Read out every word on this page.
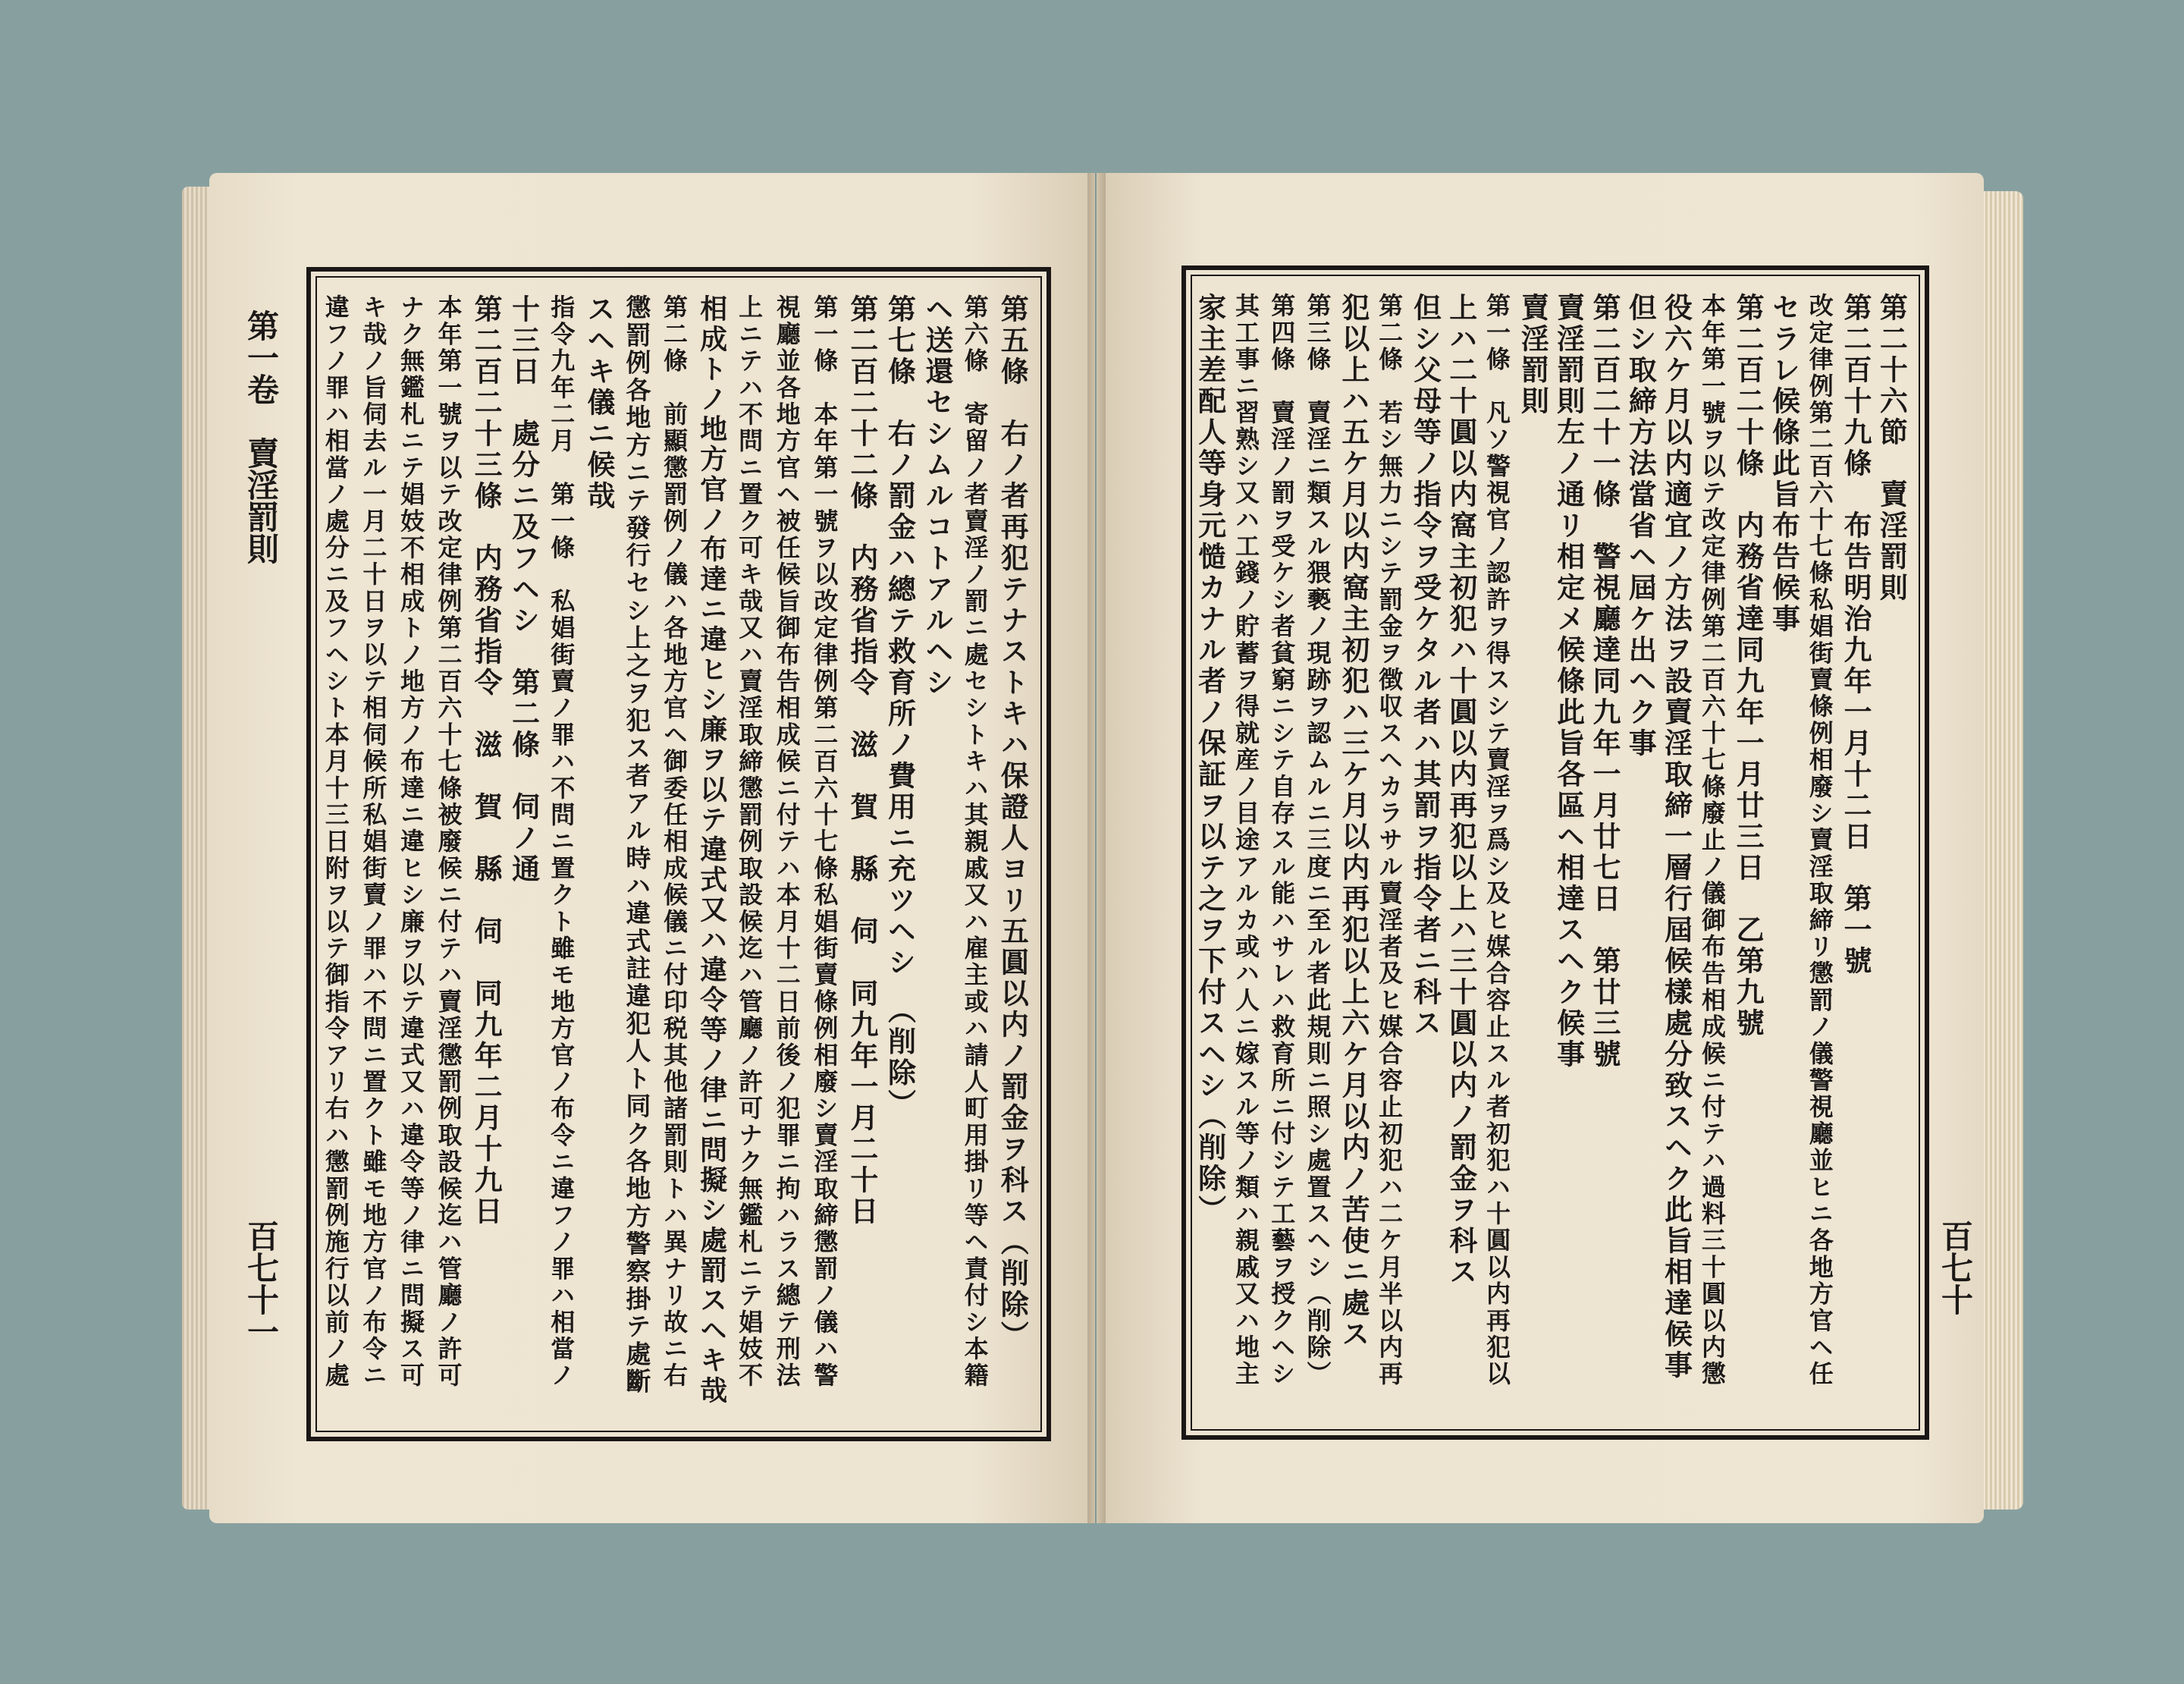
第一卷　賣淫罰則
百七十一	第五條　右ノ者再犯テナストキハ保證人ヨリ五圓以内ノ罰金ヲ科ス（削除）
第六條　寄留ノ者賣淫ノ罰ニ處セシトキハ其親戚又ハ雇主或ハ請人町用掛リ等ヘ責付シ本籍
ヘ送還セシムルコトアルヘシ
第七條　右ノ罰金ハ總テ救育所ノ費用ニ充ツヘシ　（削除）
第二百二十二條　内務省指令　滋　賀　縣　伺　同九年一月二十日
第一條　本年第一號ヲ以改定律例第二百六十七條私娼街賣條例相廢シ賣淫取締懲罰ノ儀ハ警
視廳並各地方官ヘ被任候旨御布告相成候ニ付テハ本月十二日前後ノ犯罪ニ拘ハラス總テ刑法
上ニテハ不問ニ置ク可キ哉又ハ賣淫取締懲罰例取設候迄ハ管廳ノ許可ナク無鑑札ニテ娼妓不
相成トノ地方官ノ布達ニ違ヒシ廉ヲ以テ違式又ハ違令等ノ律ニ問擬シ處罰スヘキ哉
第二條　前顯懲罰例ノ儀ハ各地方官ヘ御委任相成候儀ニ付印税其他諸罰則トハ異ナリ故ニ右
懲罰例各地方ニテ發行セシ上之ヲ犯ス者アル時ハ違式註違犯人ト同ク各地方警察掛テ處斷
スヘキ儀ニ候哉
指令九年二月　第一條　私娼街賣ノ罪ハ不問ニ置クト雖モ地方官ノ布令ニ違フノ罪ハ相當ノ
十三日　處分ニ及フヘシ　第二條　伺ノ通
第二百二十三條　内務省指令　滋　賀　縣　伺　同九年二月十九日
本年第一號ヲ以テ改定律例第二百六十七條被廢候ニ付テハ賣淫懲罰例取設候迄ハ管廳ノ許可
ナク無鑑札ニテ娼妓不相成トノ地方ノ布達ニ違ヒシ廉ヲ以テ違式又ハ違令等ノ律ニ問擬ス可
キ哉ノ旨伺去ル一月二十日ヲ以テ相伺候所私娼街賣ノ罪ハ不問ニ置クト雖モ地方官ノ布令ニ
違フノ罪ハ相當ノ處分ニ及フヘシト本月十三日附ヲ以テ御指令アリ右ハ懲罰例施行以前ノ處	第二十六節　賣淫罰則
第二百十九條　布告明治九年一月十二日　第一號
改定律例第二百六十七條私娼街賣條例相廢シ賣淫取締リ懲罰ノ儀警視廳並ヒニ各地方官ヘ任
セラレ候條此旨布告候事
第二百二十條　内務省達同九年一月廿三日　乙第九號
本年第一號ヲ以テ改定律例第二百六十七條廢止ノ儀御布告相成候ニ付テハ過料三十圓以内懲
役六ケ月以内適宜ノ方法ヲ設賣淫取締一層行屆候樣處分致スヘク此旨相達候事
但シ取締方法當省ヘ屆ケ出ヘク事
第二百二十一條　警視廳達同九年一月廿七日　第廿三號
賣淫罰則左ノ通リ相定メ候條此旨各區ヘ相達スヘク候事
賣淫罰則
第一條　凡ソ警視官ノ認許ヲ得スシテ賣淫ヲ爲シ及ヒ媒合容止スル者初犯ハ十圓以内再犯以
上ハ二十圓以内窩主初犯ハ十圓以内再犯以上ハ三十圓以内ノ罰金ヲ科ス
但シ父母等ノ指令ヲ受ケタル者ハ其罰ヲ指令者ニ科ス
第二條　若シ無力ニシテ罰金ヲ徴収スヘカラサル賣淫者及ヒ媒合容止初犯ハ二ケ月半以内再
犯以上ハ五ケ月以内窩主初犯ハ三ケ月以内再犯以上六ケ月以内ノ苦使ニ處ス
第三條　賣淫ニ類スル猥褻ノ現跡ヲ認ムルニ三度ニ至ル者此規則ニ照シ處置スヘシ（削除）
第四條　賣淫ノ罰ヲ受ケシ者貧窮ニシテ自存スル能ハサレハ救育所ニ付シテ工藝ヲ授クヘシ
其工事ニ習熟シ又ハ工錢ノ貯蓄ヲ得就産ノ目途アルカ或ハ人ニ嫁スル等ノ類ハ親戚又ハ地主
家主差配人等身元慥カナル者ノ保証ヲ以テ之ヲ下付スヘシ（削除）
百七十
